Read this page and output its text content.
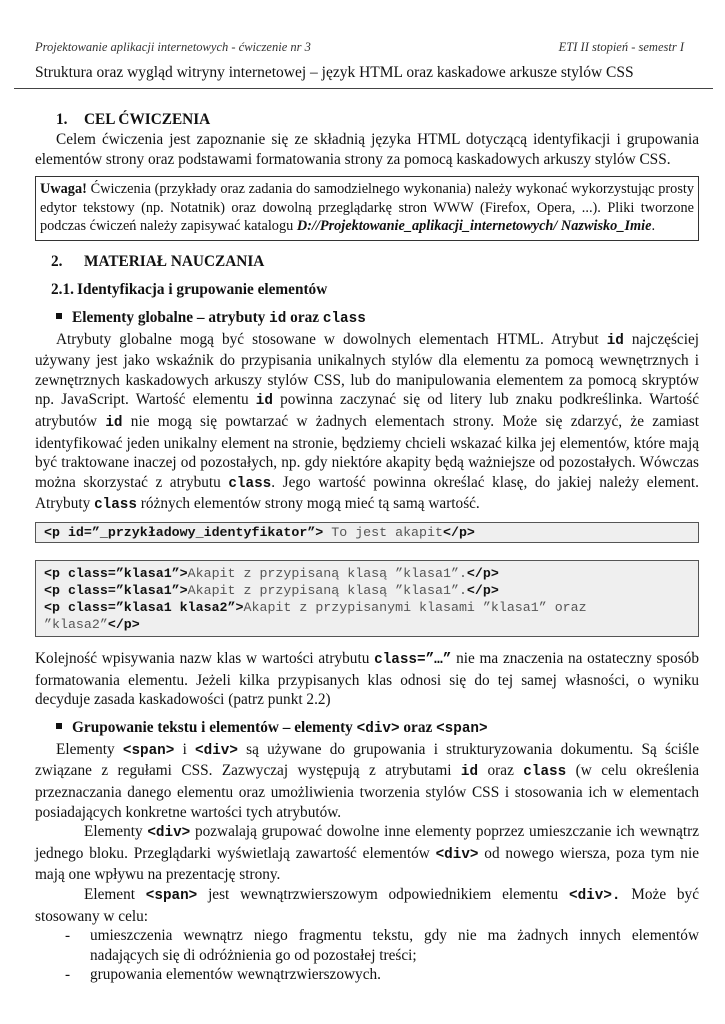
Projektowanie aplikacji internetowych - ćwiczenie nr 3	ETI II stopień - semestr I
Struktura oraz wygląd witryny internetowej – język HTML oraz kaskadowe arkusze stylów CSS
1. CEL ĆWICZENIA

Celem ćwiczenia jest zapoznanie się ze składnią języka HTML dotyczącą identyfikacji i grupowania elementów strony oraz podstawami formatowania strony za pomocą kaskadowych arkuszy stylów CSS.

Uwaga! Ćwiczenia (przykłady oraz zadania do samodzielnego wykonania) należy wykonać wykorzystując prosty edytor tekstowy (np. Notatnik) oraz dowolną przeglądarkę stron WWW (Firefox, Opera, ...). Pliki tworzone podczas ćwiczeń należy zapisywać katalogu D://Projektowanie_aplikacji_internetowych/ Nazwisko_Imie.
2. MATERIAŁ NAUCZANIA
2.1. Identyfikacja i grupowanie elementów
Elementy globalne – atrybuty id oraz class

Atrybuty globalne mogą być stosowane w dowolnych elementach HTML. Atrybut id najczęściej używany jest jako wskaźnik do przypisania unikalnych stylów dla elementu za pomocą wewnętrznych i zewnętrznych kaskadowych arkuszy stylów CSS, lub do manipulowania elementem za pomocą skryptów np. JavaScript. Wartość elementu id powinna zaczynać się od litery lub znaku podkreślinka. Wartość atrybutów id nie mogą się powtarzać w żadnych elementach strony. Może się zdarzyć, że zamiast identyfikować jeden unikalny element na stronie, będziemy chcieli wskazać kilka jej elementów, które mają być traktowane inaczej od pozostałych, np. gdy niektóre akapity będą ważniejsze od pozostałych. Wówczas można skorzystać z atrybutu class. Jego wartość powinna określać klasę, do jakiej należy element. Atrybuty class różnych elementów strony mogą mieć tą samą wartość.

<p id=”_przykładowy_identyfikator”> To jest akapit</p>
<p class=”klasa1”>Akapit z przypisaną klasą ”klasa1”.</p>
<p class=”klasa1”>Akapit z przypisaną klasą ”klasa1”.</p>
<p class=”klasa1 klasa2”>Akapit z przypisanymi klasami ”klasa1” oraz ”klasa2”</p>

Kolejność wpisywania nazw klas w wartości atrybutu class=”…” nie ma znaczenia na ostateczny sposób formatowania elementu. Jeżeli kilka przypisanych klas odnosi się do tej samej własności, o wyniku decyduje zasada kaskadowości (patrz punkt 2.2)

Grupowanie tekstu i elementów – elementy <div> oraz <span>

Elementy <span> i <div> są używane do grupowania i strukturyzowania dokumentu. Są ściśle związane z regułami CSS. Zazwyczaj występują z atrybutami id oraz class (w celu określenia przeznaczania danego elementu oraz umożliwienia tworzenia stylów CSS i stosowania ich w elementach posiadających konkretne wartości tych atrybutów.

Elementy <div> pozwalają grupować dowolne inne elementy poprzez umieszczanie ich wewnątrz jednego bloku. Przeglądarki wyświetlają zawartość elementów <div> od nowego wiersza, poza tym nie mają one wpływu na prezentację strony.

Element <span> jest wewnątrzwierszowym odpowiednikiem elementu <div>. Może być stosowany w celu:

- umieszczenia wewnątrz niego fragmentu tekstu, gdy nie ma żadnych innych elementów nadających się di odróżnienia go od pozostałej treści;
- grupowania elementów wewnątrzwierszowych.
